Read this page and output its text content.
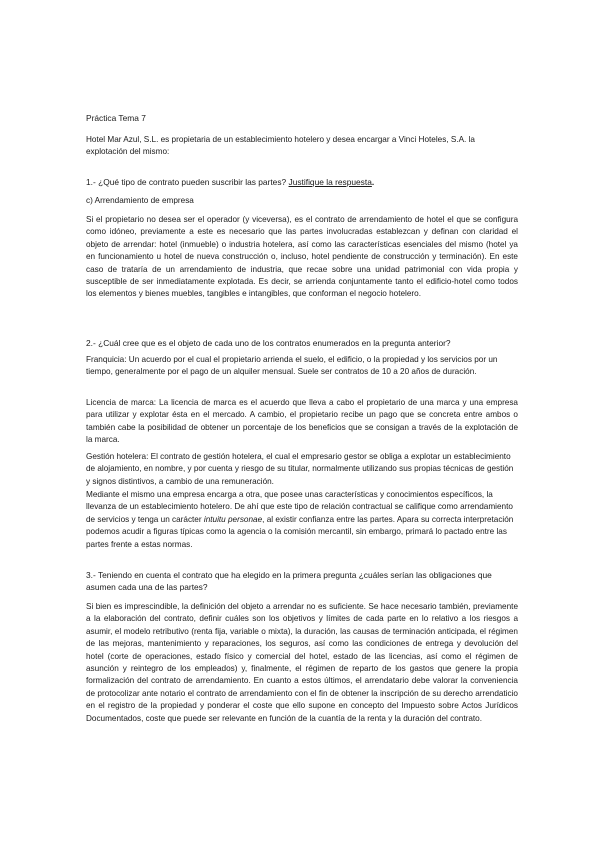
Práctica Tema 7

Hotel Mar Azul, S.L. es propietaria de un establecimiento hotelero y desea encargar a Vinci Hoteles, S.A. la explotación del mismo:

1.- ¿Qué tipo de contrato pueden suscribir las partes? Justifique la respuesta.

c) Arrendamiento de empresa

Si el propietario no desea ser el operador (y viceversa), es el contrato de arrendamiento de hotel el que se configura como idóneo, previamente a este es necesario que las partes involucradas establezcan y definan con claridad el objeto de arrendar: hotel (inmueble) o industria hotelera, así como las características esenciales del mismo (hotel ya en funcionamiento u hotel de nueva construcción o, incluso, hotel pendiente de construcción y terminación). En este caso de trataría de un arrendamiento de industria, que recae sobre una unidad patrimonial con vida propia y susceptible de ser inmediatamente explotada. Es decir, se arrienda conjuntamente tanto el edificio-hotel como todos los elementos y bienes muebles, tangibles e intangibles, que conforman el negocio hotelero.

2.- ¿Cuál cree que es el objeto de cada uno de los contratos enumerados en la pregunta anterior?

Franquicia: Un acuerdo por el cual el propietario arrienda el suelo, el edificio, o la propiedad y los servicios por un tiempo, generalmente por el pago de un alquiler mensual. Suele ser contratos de 10 a 20 años de duración.

Licencia de marca: La licencia de marca es el acuerdo que lleva a cabo el propietario de una marca y una empresa para utilizar y explotar ésta en el mercado. A cambio, el propietario recibe un pago que se concreta entre ambos o también cabe la posibilidad de obtener un porcentaje de los beneficios que se consigan a través de la explotación de la marca.

Gestión hotelera: El contrato de gestión hotelera, el cual el empresario gestor se obliga a explotar un establecimiento de alojamiento, en nombre, y por cuenta y riesgo de su titular, normalmente utilizando sus propias técnicas de gestión y signos distintivos, a cambio de una remuneración.

Mediante el mismo una empresa encarga a otra, que posee unas características y conocimientos específicos, la llevanza de un establecimiento hotelero. De ahí que este tipo de relación contractual se califique como arrendamiento de servicios y tenga un carácter intuitu personae, al existir confianza entre las partes. Apara su correcta interpretación podemos acudir a figuras típicas como la agencia o la comisión mercantil, sin embargo, primará lo pactado entre las partes frente a estas normas.

3.- Teniendo en cuenta el contrato que ha elegido en la primera pregunta ¿cuáles serían las obligaciones que asumen cada una de las partes?

Si bien es imprescindible, la definición del objeto a arrendar no es suficiente. Se hace necesario también, previamente a la elaboración del contrato, definir cuáles son los objetivos y límites de cada parte en lo relativo a los riesgos a asumir, el modelo retributivo (renta fija, variable o mixta), la duración, las causas de terminación anticipada, el régimen de las mejoras, mantenimiento y reparaciones, los seguros, así como las condiciones de entrega y devolución del hotel (corte de operaciones, estado físico y comercial del hotel, estado de las licencias, así como el régimen de asunción y reintegro de los empleados) y, finalmente, el régimen de reparto de los gastos que genere la propia formalización del contrato de arrendamiento. En cuanto a estos últimos, el arrendatario debe valorar la conveniencia de protocolizar ante notario el contrato de arrendamiento con el fin de obtener la inscripción de su derecho arrendaticio en el registro de la propiedad y ponderar el coste que ello supone en concepto del Impuesto sobre Actos Jurídicos Documentados, coste que puede ser relevante en función de la cuantía de la renta y la duración del contrato.
